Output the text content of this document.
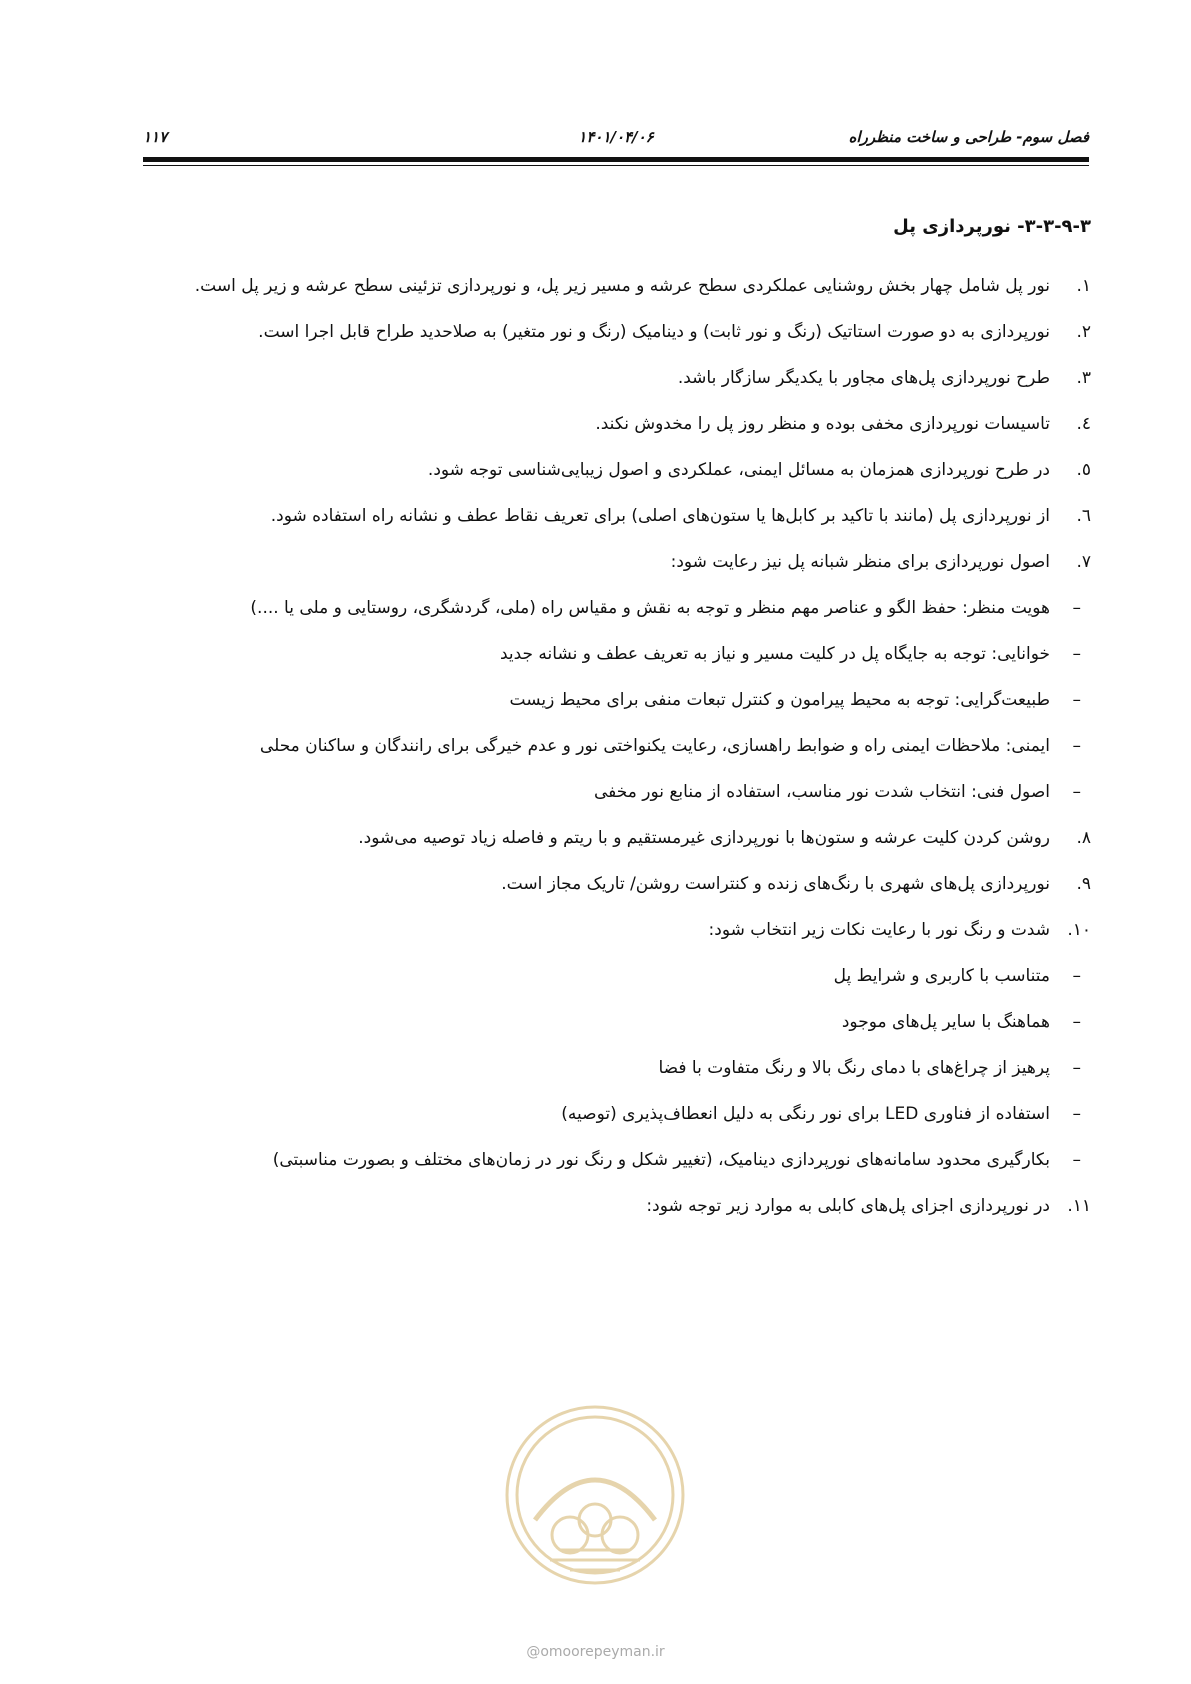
فصل سوم- طراحی و ساخت منظرراه
۱۴۰۱/۰۴/۰۶
۱۱۷
۳-۳-۹-۳- نورپردازی پل
۱.
نور پل شامل چهار بخش روشنایی عملکردی سطح عرشه و مسیر زیر پل، و نورپردازی تزئینی سطح عرشه و زیر پل است.
۲.
نورپردازی به دو صورت استاتیک (رنگ و نور ثابت) و دینامیک (رنگ و نور متغیر) به صلاحدید طراح قابل اجرا است.
۳.
طرح نورپردازی پل‌های مجاور با یکدیگر سازگار باشد.
٤.
تاسیسات نورپردازی مخفی بوده و منظر روز پل را مخدوش نکند.
٥.
در طرح نورپردازی همزمان به مسائل ایمنی، عملکردی و اصول زیبایی‌شناسی توجه شود.
٦.
از نورپردازی پل (مانند با تاکید بر کابل‌ها یا ستون‌های اصلی) برای تعریف نقاط عطف و نشانه راه استفاده شود.
٧.
اصول نورپردازی برای منظر شبانه پل نیز رعایت شود:
–
هویت منظر: حفظ الگو و عناصر مهم منظر و توجه به نقش و مقیاس راه (ملی، گردشگری، روستایی و ملی یا ....)
–
خوانایی: توجه به جایگاه پل در کلیت مسیر و نیاز به تعریف عطف و نشانه جدید
–
طبیعت‌گرایی: توجه به محیط پیرامون و کنترل تبعات منفی برای محیط زیست
–
ایمنی: ملاحظات ایمنی راه و ضوابط راهسازی، رعایت یکنواختی نور و عدم خیرگی برای رانندگان و ساکنان محلی
–
اصول فنی: انتخاب شدت نور مناسب، استفاده از منابع نور مخفی
۸.
روشن کردن کلیت عرشه و ستون‌ها با نورپردازی غیرمستقیم و با ریتم و فاصله زیاد توصیه می‌شود.
۹.
نورپردازی پل‌های شهری با رنگ‌های زنده و کنتراست روشن/ تاریک مجاز است.
۱۰.
شدت و رنگ نور با رعایت نکات زیر انتخاب شود:
–
متناسب با کاربری و شرایط پل
–
هماهنگ با سایر پل‌های موجود
–
پرهیز از چراغ‌های با دمای رنگ بالا و رنگ متفاوت با فضا
–
استفاده از فناوری LED برای نور رنگی به دلیل انعطاف‌پذیری (توصیه)
–
بکارگیری محدود سامانه‌های نورپردازی دینامیک، (تغییر شکل و رنگ نور در زمان‌های مختلف و بصورت مناسبتی)
۱۱.
در نورپردازی اجزای پل‌های کابلی به موارد زیر توجه شود:
@omoorepeyman.ir
